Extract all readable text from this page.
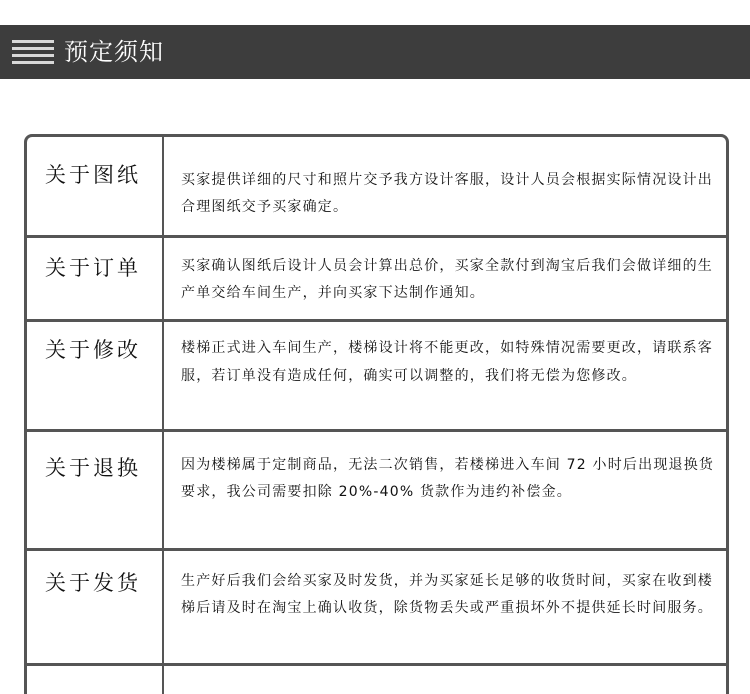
预定须知
关于图纸	买家提供详细的尺寸和照片交予我方设计客服，设计人员会根据实际情况设计出合理图纸交予买家确定。
关于订单	买家确认图纸后设计人员会计算出总价，买家全款付到淘宝后我们会做详细的生产单交给车间生产，并向买家下达制作通知。
关于修改	楼梯正式进入车间生产，楼梯设计将不能更改，如特殊情况需要更改，请联系客服，若订单没有造成任何，确实可以调整的，我们将无偿为您修改。
关于退换	因为楼梯属于定制商品，无法二次销售，若楼梯进入车间 72 小时后出现退换货要求，我公司需要扣除 20%-40% 货款作为违约补偿金。
关于发货	生产好后我们会给买家及时发货，并为买家延长足够的收货时间，买家在收到楼梯后请及时在淘宝上确认收货，除货物丢失或严重损坏外不提供延长时间服务。
